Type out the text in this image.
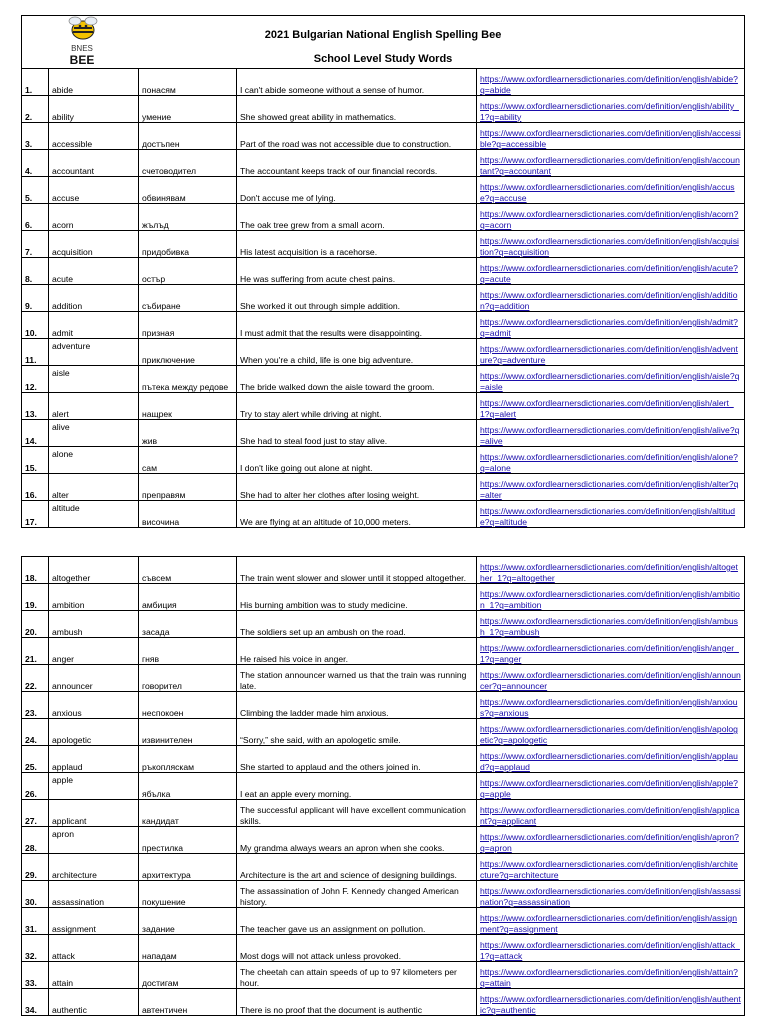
BNES
BEE
2021 Bulgarian National English Spelling Bee
School Level Study Words				

1.	abide	понасям	I can't abide someone without a sense of humor.	https://www.oxfordlearnersdictionaries.com/definition/english/abide?q=abide
2.	ability	умение	She showed great ability in mathematics.	https://www.oxfordlearnersdictionaries.com/definition/english/ability_1?q=ability
3.	accessible	достъпен	Part of the road was not accessible due to construction.	https://www.oxfordlearnersdictionaries.com/definition/english/accessible?q=accessible
4.	accountant	счетоводител	The accountant keeps track of our financial records.	https://www.oxfordlearnersdictionaries.com/definition/english/accountant?q=accountant
5.	accuse	обвинявам	Don't accuse me of lying.	https://www.oxfordlearnersdictionaries.com/definition/english/accuse?q=accuse
6.	acorn	жълъд	The oak tree grew from a small acorn.	https://www.oxfordlearnersdictionaries.com/definition/english/acorn?q=acorn
7.	acquisition	придобивка	His latest acquisition is a racehorse.	https://www.oxfordlearnersdictionaries.com/definition/english/acquisition?q=acquisition
8.	acute	остър	He was suffering from acute chest pains.	https://www.oxfordlearnersdictionaries.com/definition/english/acute?q=acute
9.	addition	събиране	She worked it out through simple addition.	https://www.oxfordlearnersdictionaries.com/definition/english/addition?q=addition
10.	admit	призная	I must admit that the results were disappointing.	https://www.oxfordlearnersdictionaries.com/definition/english/admit?q=admit
11.	adventure	приключение	When you're a child, life is one big adventure.	https://www.oxfordlearnersdictionaries.com/definition/english/adventure?q=adventure
12.	aisle	пътека между редове	The bride walked down the aisle toward the groom.	https://www.oxfordlearnersdictionaries.com/definition/english/aisle?q=aisle
13.	alert	нащрек	Try to stay alert while driving at night.	https://www.oxfordlearnersdictionaries.com/definition/english/alert_1?q=alert
14.	alive	жив	She had to steal food just to stay alive.	https://www.oxfordlearnersdictionaries.com/definition/english/alive?q=alive
15.	alone	сам	I don't like going out alone at night.	https://www.oxfordlearnersdictionaries.com/definition/english/alone?q=alone
16.	alter	преправям	She had to alter her clothes after losing weight.	https://www.oxfordlearnersdictionaries.com/definition/english/alter?q=alter
17.	altitude	височина	We are flying at an altitude of 10,000 meters.	https://www.oxfordlearnersdictionaries.com/definition/english/altitude?q=altitude
18.	altogether	съвсем	The train went slower and slower until it stopped altogether.	https://www.oxfordlearnersdictionaries.com/definition/english/altogether_1?q=altogether
19.	ambition	амбиция	His burning ambition was to study medicine.	https://www.oxfordlearnersdictionaries.com/definition/english/ambition_1?q=ambition
20.	ambush	засада	The soldiers set up an ambush on the road.	https://www.oxfordlearnersdictionaries.com/definition/english/ambush_1?q=ambush
21.	anger	гняв	He raised his voice in anger.	https://www.oxfordlearnersdictionaries.com/definition/english/anger_1?q=anger
22.	announcer	говорител	The station announcer warned us that the train was running late.	https://www.oxfordlearnersdictionaries.com/definition/english/announcer?q=announcer
23.	anxious	неспокоен	Climbing the ladder made him anxious.	https://www.oxfordlearnersdictionaries.com/definition/english/anxious?q=anxious
24.	apologetic	извинителен	“Sorry,” she said, with an apologetic smile.	https://www.oxfordlearnersdictionaries.com/definition/english/apologetic?q=apologetic
25.	applaud	ръкопляскам	She started to applaud and the others joined in.	https://www.oxfordlearnersdictionaries.com/definition/english/applaud?q=applaud
26.	apple	ябълка	I eat an apple every morning.	https://www.oxfordlearnersdictionaries.com/definition/english/apple?q=apple
27.	applicant	кандидат	The successful applicant will have excellent communication skills.	https://www.oxfordlearnersdictionaries.com/definition/english/applicant?q=applicant
28.	apron	престилка	My grandma always wears an apron when she cooks.	https://www.oxfordlearnersdictionaries.com/definition/english/apron?q=apron
29.	architecture	архитектура	Architecture is the art and science of designing buildings.	https://www.oxfordlearnersdictionaries.com/definition/english/architecture?q=architecture
30.	assassination	покушение	The assassination of John F. Kennedy changed American history.	https://www.oxfordlearnersdictionaries.com/definition/english/assassination?q=assassination
31.	assignment	задание	The teacher gave us an assignment on pollution.	https://www.oxfordlearnersdictionaries.com/definition/english/assignment?q=assignment
32.	attack	нападам	Most dogs will not attack unless provoked.	https://www.oxfordlearnersdictionaries.com/definition/english/attack_1?q=attack
33.	attain	достигам	The cheetah can attain speeds of up to 97 kilometers per hour.	https://www.oxfordlearnersdictionaries.com/definition/english/attain?q=attain
34.	authentic	автентичен	There is no proof that the document is authentic	https://www.oxfordlearnersdictionaries.com/definition/english/authentic?q=authentic
